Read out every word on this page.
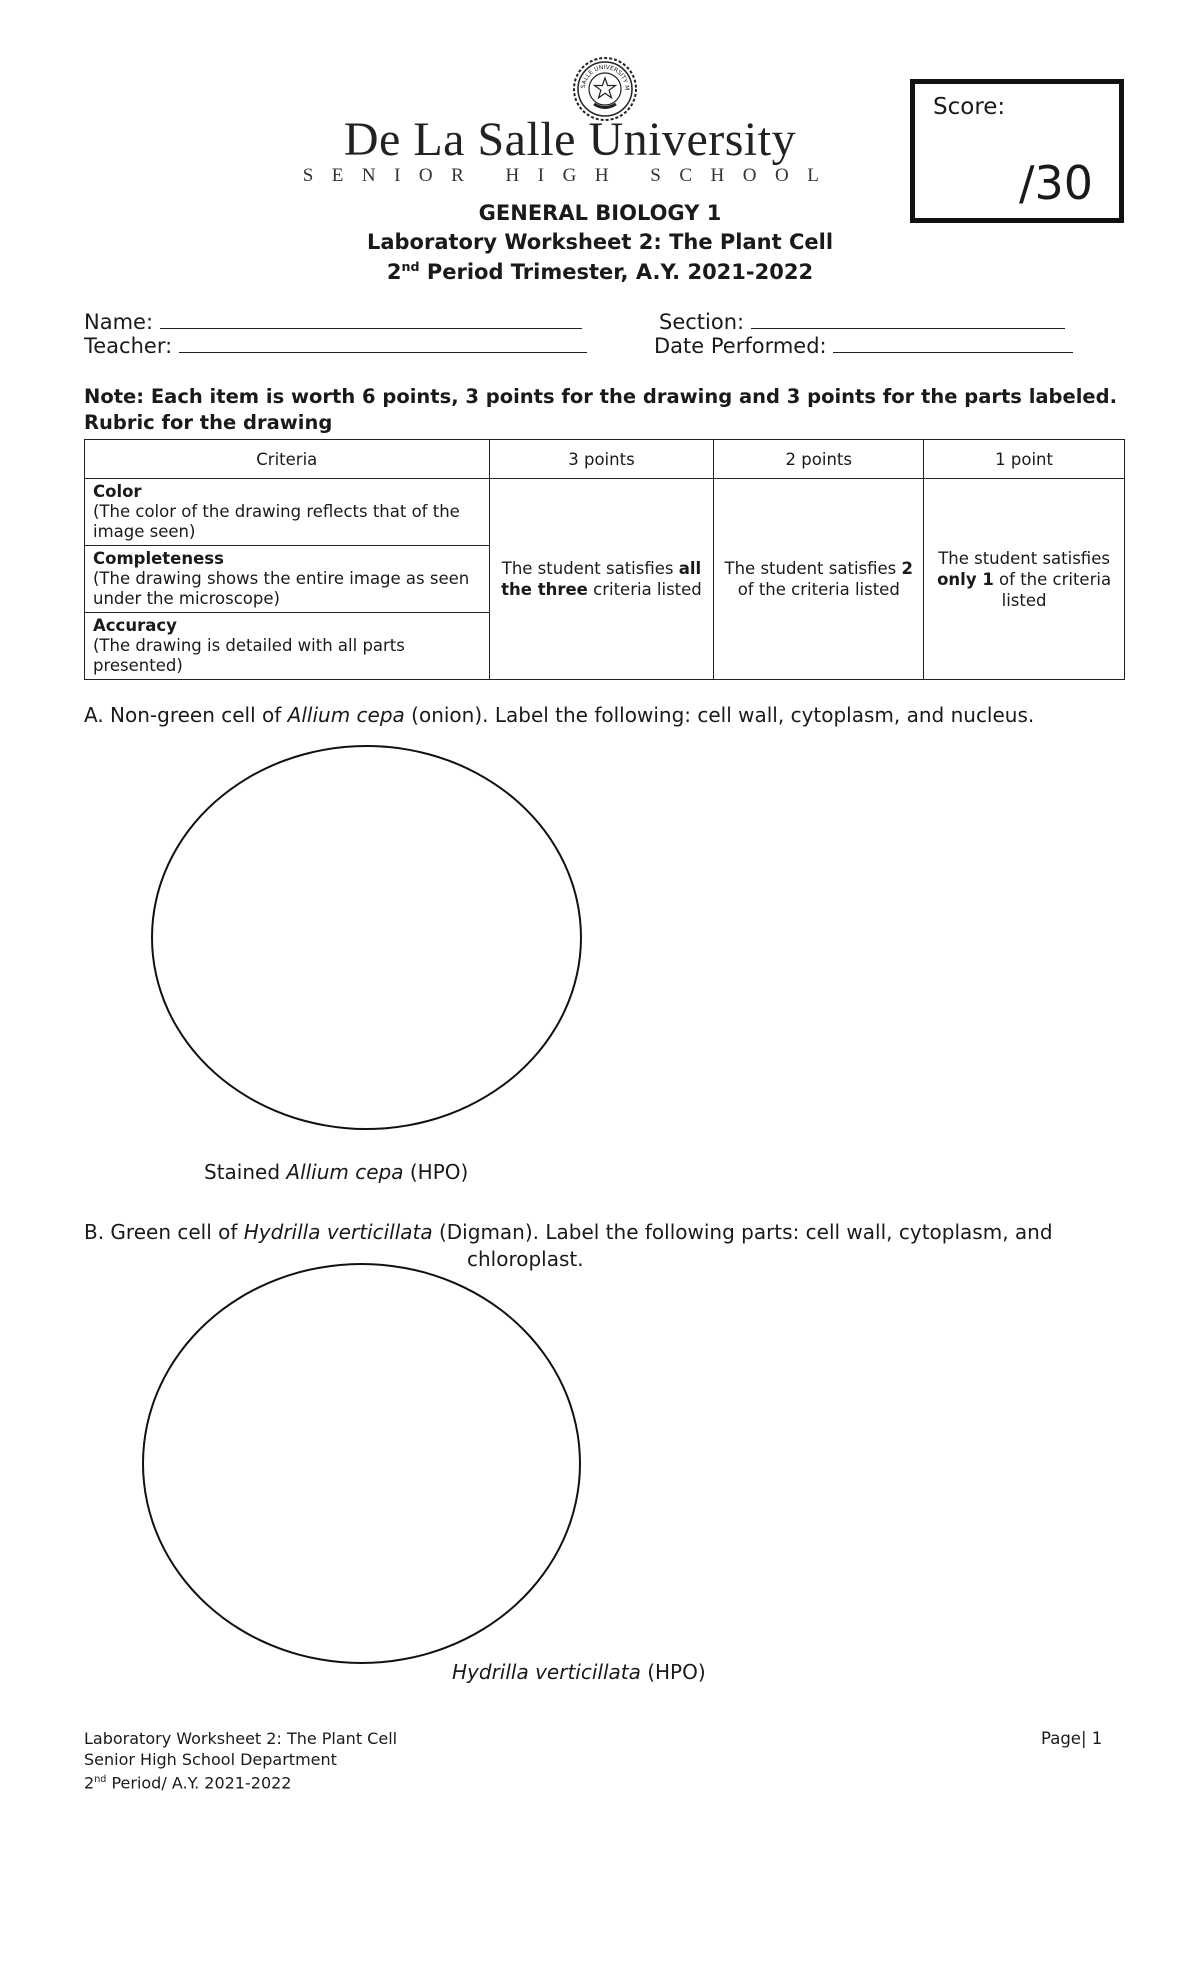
SALLE UNIVERSITY M
De La Salle University
SENIOR HIGH SCHOOL
Score:
/30
GENERAL BIOLOGY 1
Laboratory Worksheet 2: The Plant Cell
2nd Period Trimester, A.Y. 2021-2022
Name:	Section:
Teacher:	Date Performed:
Note: Each item is worth 6 points, 3 points for the drawing and 3 points for the parts labeled.
Rubric for the drawing
Criteria	3 points	2 points	1 point
Color
(The color of the drawing reflects that of the image seen)	The student satisfies all the three criteria listed	The student satisfies 2 of the criteria listed	The student satisfies only 1 of the criteria listed
Completeness
(The drawing shows the entire image as seen under the microscope)			
Accuracy
(The drawing is detailed with all parts presented)			
A. Non-green cell of Allium cepa (onion). Label the following: cell wall, cytoplasm, and nucleus.
Stained Allium cepa (HPO)
B. Green cell of Hydrilla verticillata (Digman). Label the following parts: cell wall, cytoplasm, and
chloroplast.
Hydrilla verticillata (HPO)
Laboratory Worksheet 2: The Plant Cell
Senior High School Department
2nd Period/ A.Y. 2021-2022
Page| 1
